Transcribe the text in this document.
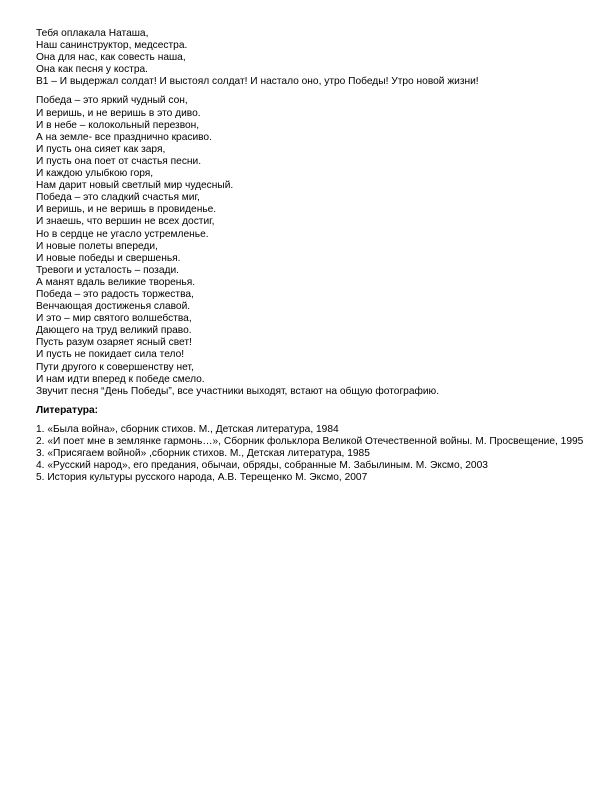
Тебя оплакала Наташа,
Наш санинструктор, медсестра.
Она для нас, как совесть наша,
Она как песня у костра.
В1 – И выдержал солдат! И выстоял солдат! И настало оно, утро Победы! Утро новой жизни!
Победа – это яркий чудный сон,
И веришь, и не веришь в это диво.
И в небе – колокольный перезвон,
А на земле- все празднично красиво.
И пусть она сияет как заря,
И пусть она поет от счастья песни.
И каждою улыбкою горя,
Нам дарит новый светлый мир чудесный.
Победа – это сладкий счастья миг,
И веришь, и не веришь в провиденье.
И знаешь, что вершин не всех достиг,
Но в сердце не угасло устремленье.
И новые полеты впереди,
И новые победы и свершенья.
Тревоги и усталость – позади.
А манят вдаль великие творенья.
Победа – это радость торжества,
Венчающая достиженья славой.
И это – мир святого волшебства,
Дающего на труд великий право.
Пусть разум озаряет ясный свет!
И пусть не покидает сила тело!
Пути другого к совершенству нет,
И нам идти вперед к победе смело.
Звучит песня “День Победы”, все участники выходят, встают на общую фотографию.
Литература:
1. «Была война», сборник стихов. М., Детская литература, 1984
2. «И поет мне в землянке гармонь…», Сборник фольклора Великой Отечественной войны. М. Просвещение, 1995
3. «Присягаем войной» ,сборник стихов. М., Детская литература, 1985
4. «Русский народ», его предания, обычаи, обряды, собранные М. Забылиным. М. Эксмо, 2003
5. История культуры русского народа, А.В. Терещенко М. Эксмо, 2007
